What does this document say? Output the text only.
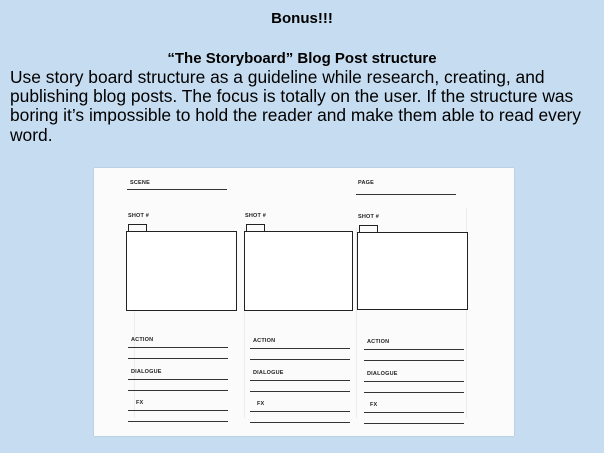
Bonus!!!
“The Storyboard” Blog Post structure
Use story board structure as a guideline while research, creating, and publishing blog posts. The focus is totally on the user. If the structure was boring it’s impossible to hold the reader and make them able to read every word.
SCENE	PAGE
SHOT #
ACTION
DIALOGUE
FX
SHOT #
ACTION
DIALOGUE
FX
SHOT #
ACTION
DIALOGUE
FX
